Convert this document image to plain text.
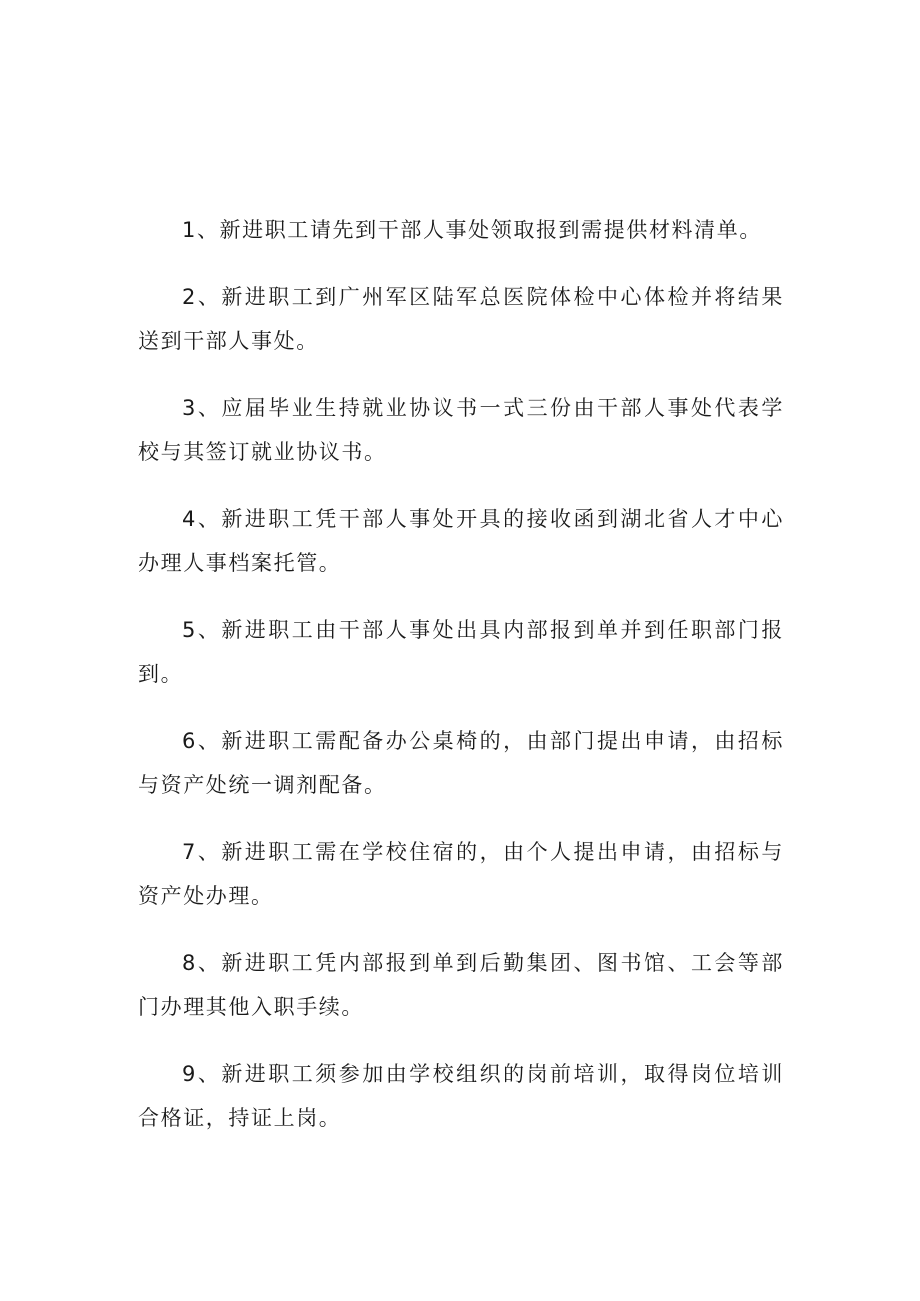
1、新进职工请先到干部人事处领取报到需提供材料清单。

2、新进职工到广州军区陆军总医院体检中心体检并将结果送到干部人事处。

3、应届毕业生持就业协议书一式三份由干部人事处代表学校与其签订就业协议书。

4、新进职工凭干部人事处开具的接收函到湖北省人才中心办理人事档案托管。

5、新进职工由干部人事处出具内部报到单并到任职部门报到。

6、新进职工需配备办公桌椅的，由部门提出申请，由招标与资产处统一调剂配备。

7、新进职工需在学校住宿的，由个人提出申请，由招标与资产处办理。

8、新进职工凭内部报到单到后勤集团、图书馆、工会等部门办理其他入职手续。

9、新进职工须参加由学校组织的岗前培训，取得岗位培训合格证，持证上岗。
